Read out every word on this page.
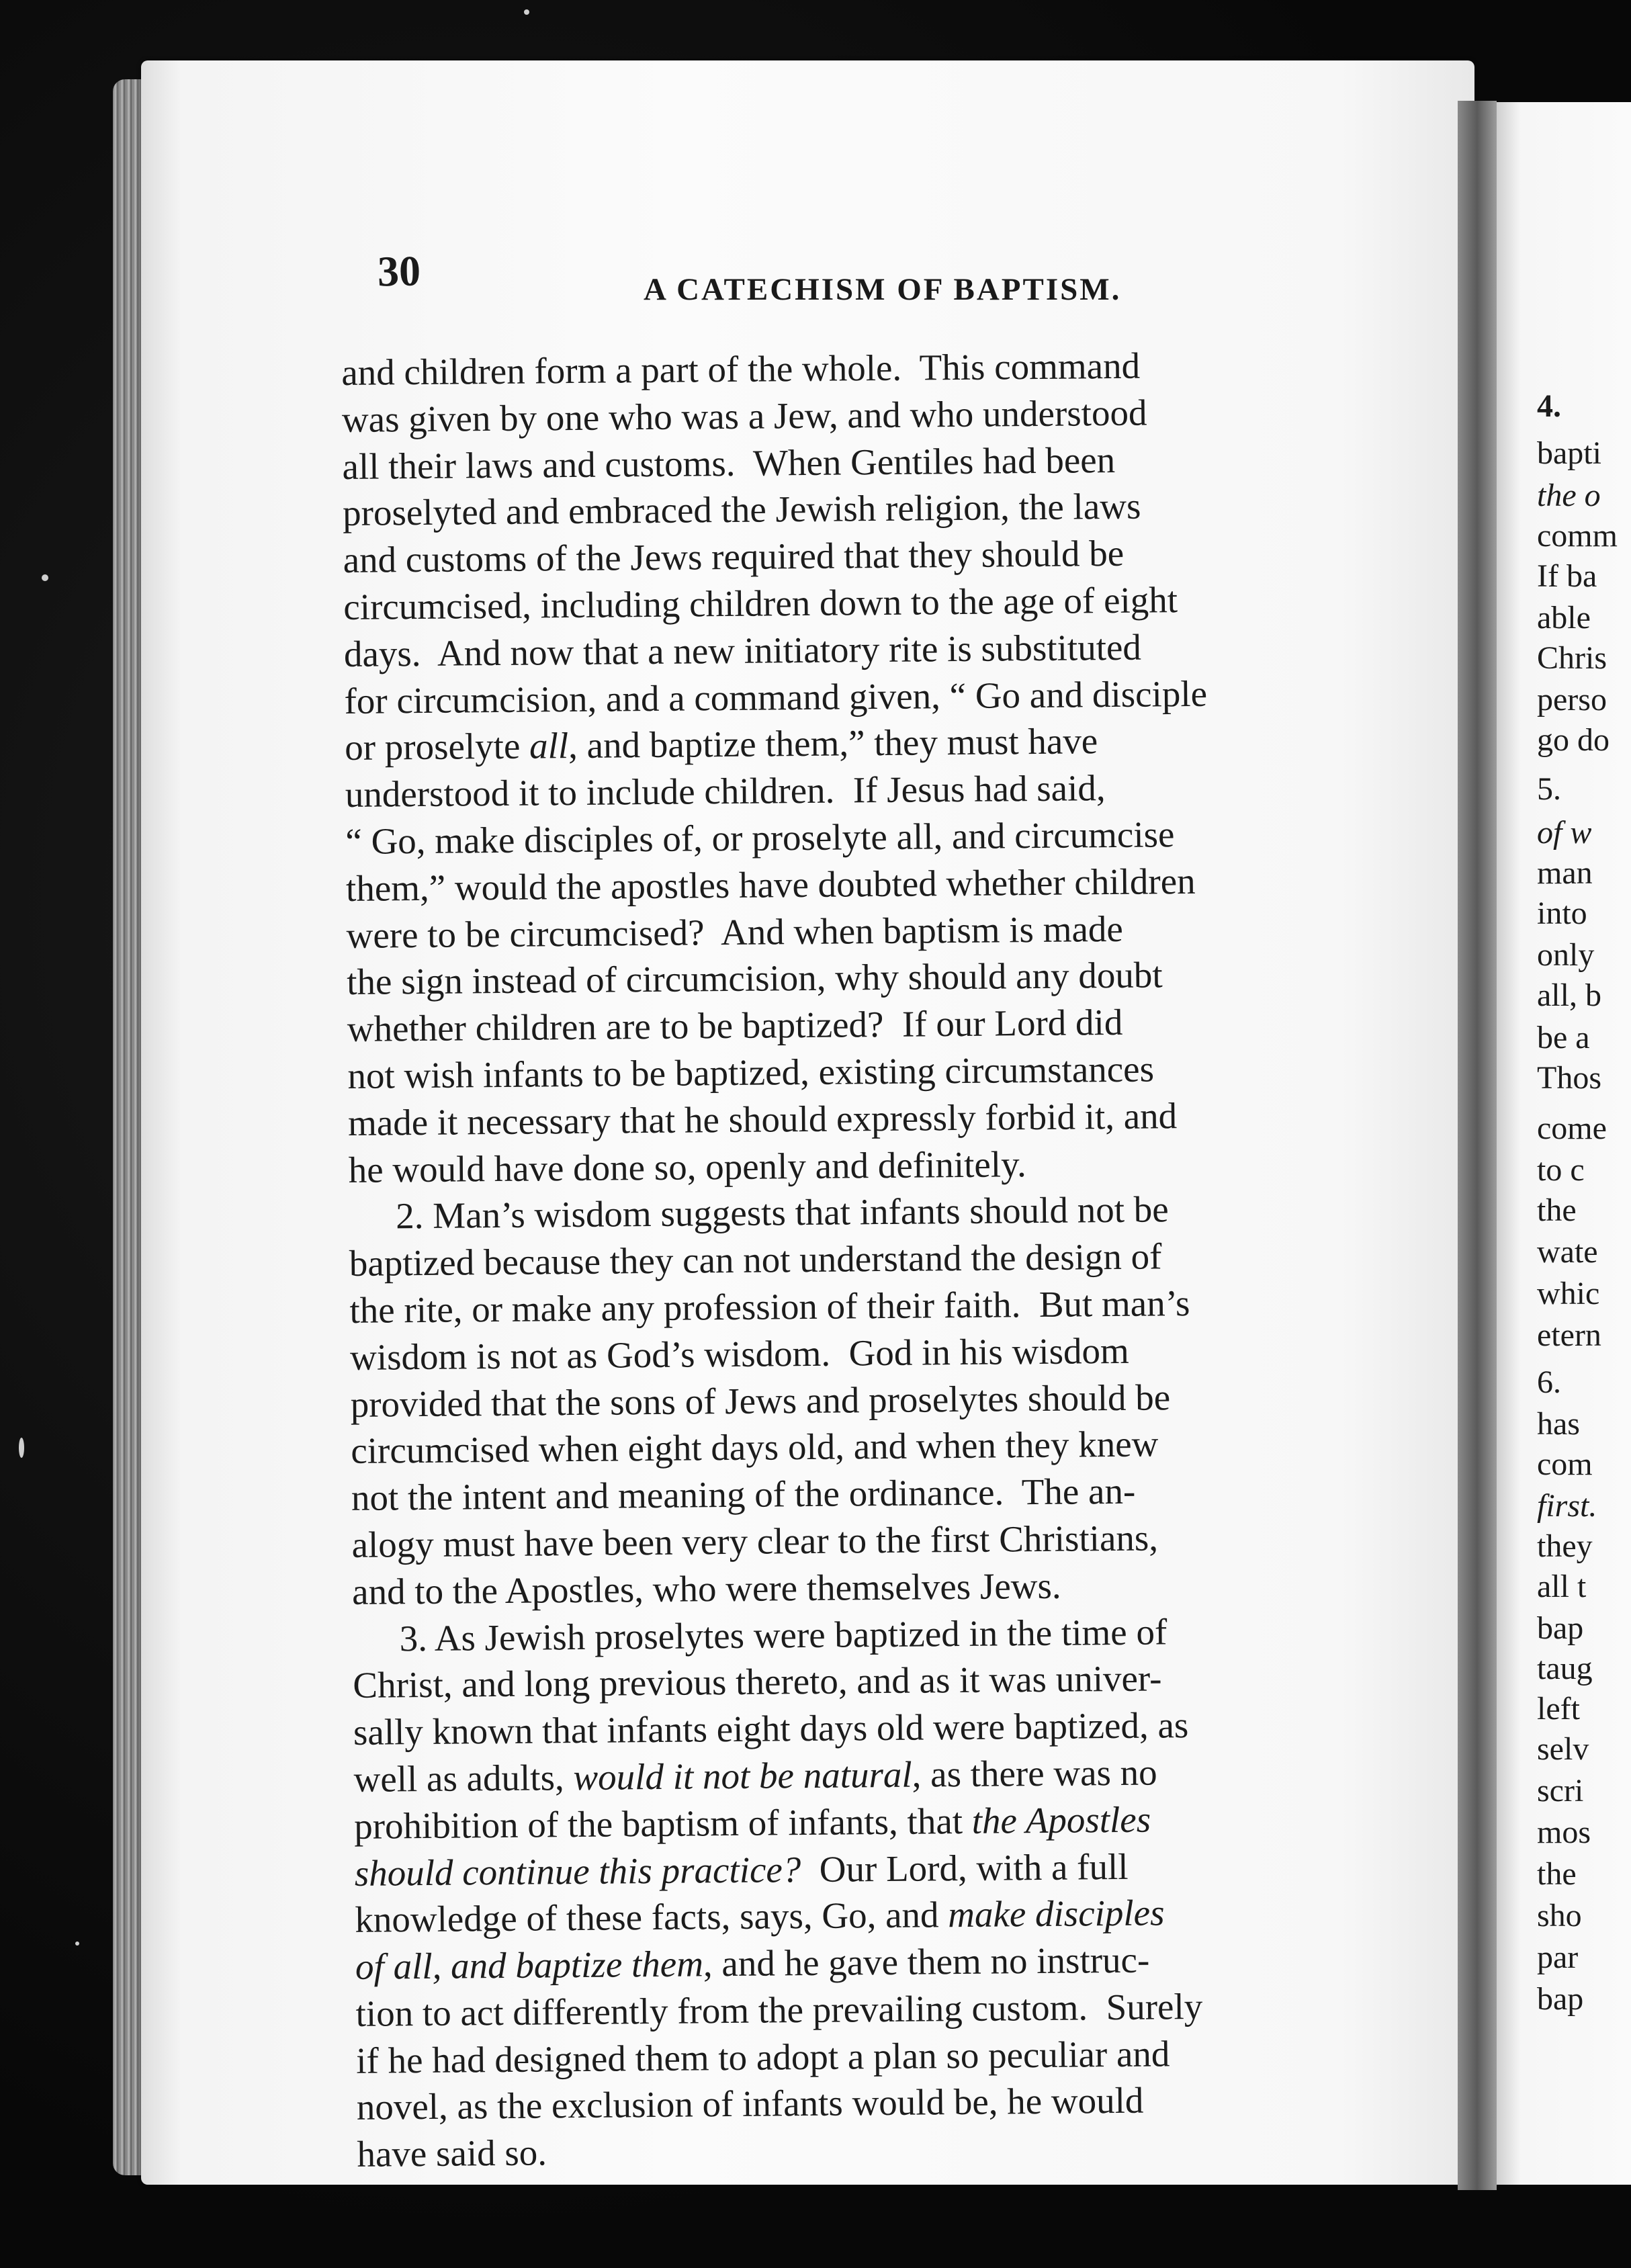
30	A CATECHISM OF BAPTISM.

and children form a part of the whole.  This command

was given by one who was a Jew, and who understood

all their laws and customs.  When Gentiles had been

proselyted and embraced the Jewish religion, the laws

and customs of the Jews required that they should be

circumcised, including children down to the age of eight

days.  And now that a new initiatory rite is substituted

for circumcision, and a command given, “ Go and disciple

or proselyte all, and baptize them,” they must have

understood it to include children.  If Jesus had said,

“ Go, make disciples of, or proselyte all, and circumcise

them,” would the apostles have doubted whether children

were to be circumcised?  And when baptism is made

the sign instead of circumcision, why should any doubt

whether children are to be baptized?  If our Lord did

not wish infants to be baptized, existing circumstances

made it necessary that he should expressly forbid it, and

he would have done so, openly and definitely.

2. Man’s wisdom suggests that infants should not be

baptized because they can not understand the design of

the rite, or make any profession of their faith.  But man’s

wisdom is not as God’s wisdom.  God in his wisdom

provided that the sons of Jews and proselytes should be

circumcised when eight days old, and when they knew

not the intent and meaning of the ordinance.  The an-

alogy must have been very clear to the first Christians,

and to the Apostles, who were themselves Jews.

3. As Jewish proselytes were baptized in the time of

Christ, and long previous thereto, and as it was univer-

sally known that infants eight days old were baptized, as

well as adults, would it not be natural, as there was no

prohibition of the baptism of infants, that the Apostles

should continue this practice?  Our Lord, with a full

knowledge of these facts, says, Go, and make disciples

of all, and baptize them, and he gave them no instruc-

tion to act differently from the prevailing custom.  Surely

if he had designed them to adopt a plan so peculiar and

novel, as the exclusion of infants would be, he would

have said so.

4.

bapti

the o

comm

If ba

able

Chris

perso

go do

5.

of w

man

into

only

all, b

be a

Thos

come

to c

the

wate

whic

etern

6.

has

com

first.

they

all t

bap

taug

left

selv

scri

mos

the

sho

par

bap
